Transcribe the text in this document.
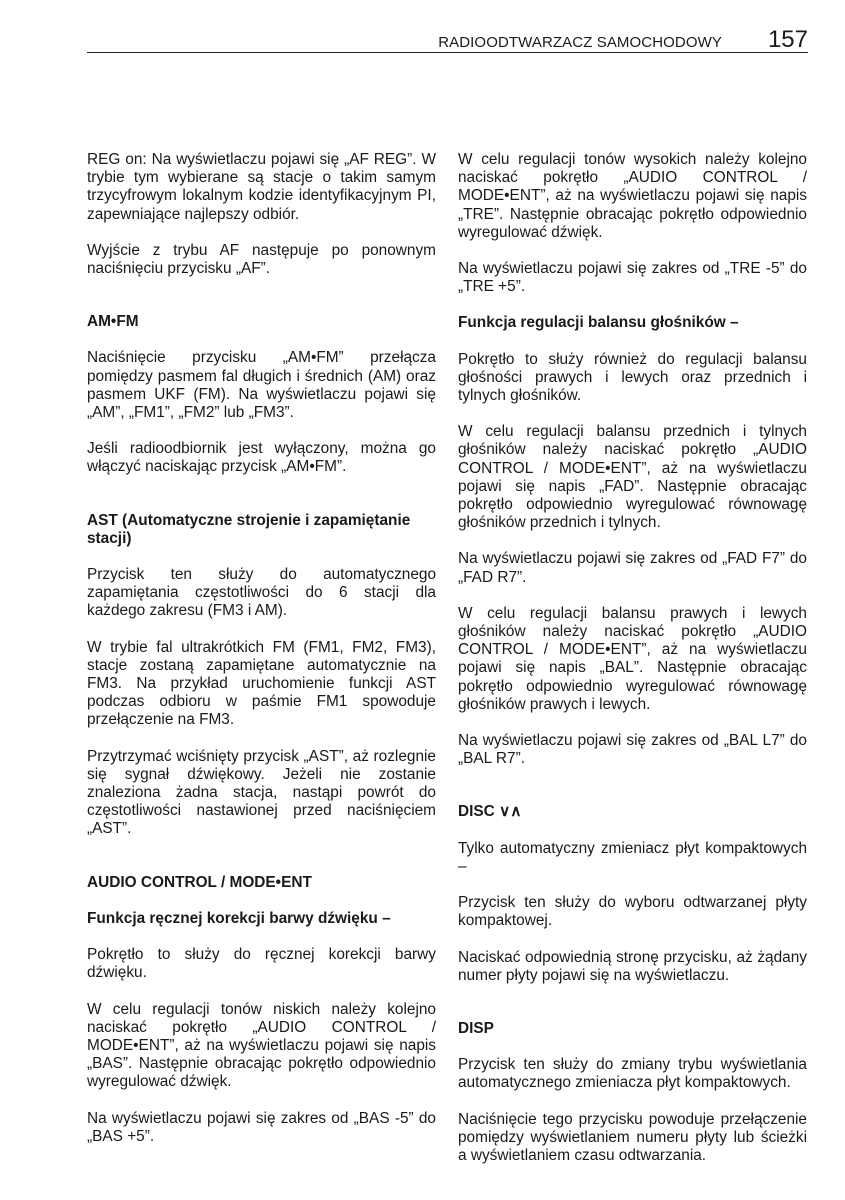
RADIOODTWARZACZ SAMOCHODOWY 157

REG on: Na wyświetlaczu pojawi się „AF REG”. W trybie tym wybierane są stacje o takim samym trzycyfrowym lokalnym kodzie identyfikacyjnym PI, zapewniające najlepszy odbiór.

Wyjście z trybu AF następuje po ponownym naciśnięciu przycisku „AF”.

AM•FM

Naciśnięcie przycisku „AM•FM” przełącza pomiędzy pasmem fal długich i średnich (AM) oraz pasmem UKF (FM). Na wyświetlaczu pojawi się „AM”, „FM1”, „FM2” lub „FM3”.

Jeśli radioodbiornik jest wyłączony, można go włączyć naciskając przycisk „AM•FM”.

AST (Automatyczne strojenie i zapamiętanie stacji)

Przycisk ten służy do automatycznego zapamiętania częstotliwości do 6 stacji dla każdego zakresu (FM3 i AM).

W trybie fal ultrakrótkich FM (FM1, FM2, FM3), stacje zostaną zapamiętane automatycznie na FM3. Na przykład uruchomienie funkcji AST podczas odbioru w paśmie FM1 spowoduje przełączenie na FM3.

Przytrzymać wciśnięty przycisk „AST”, aż rozlegnie się sygnał dźwiękowy. Jeżeli nie zostanie znaleziona żadna stacja, nastąpi powrót do częstotliwości nastawionej przed naciśnięciem „AST”.

AUDIO CONTROL / MODE•ENT
Funkcja ręcznej korekcji barwy dźwięku –

Pokrętło to służy do ręcznej korekcji barwy dźwięku.

W celu regulacji tonów niskich należy kolejno naciskać pokrętło „AUDIO CONTROL / MODE•ENT”, aż na wyświetlaczu pojawi się napis „BAS”. Następnie obracając pokrętło odpowiednio wyregulować dźwięk.

Na wyświetlaczu pojawi się zakres od „BAS -5” do „BAS +5”.

W celu regulacji tonów wysokich należy kolejno naciskać pokrętło „AUDIO CONTROL / MODE•ENT”, aż na wyświetlaczu pojawi się napis „TRE”. Następnie obracając pokrętło odpowiednio wyregulować dźwięk.

Na wyświetlaczu pojawi się zakres od „TRE -5” do „TRE +5”.

Funkcja regulacji balansu głośników –

Pokrętło to służy również do regulacji balansu głośności prawych i lewych oraz przednich i tylnych głośników.

W celu regulacji balansu przednich i tylnych głośników należy naciskać pokrętło „AUDIO CONTROL / MODE•ENT”, aż na wyświetlaczu pojawi się napis „FAD”. Następnie obracając pokrętło odpowiednio wyregulować równowagę głośników przednich i tylnych.

Na wyświetlaczu pojawi się zakres od „FAD F7” do „FAD R7”.

W celu regulacji balansu prawych i lewych głośników należy naciskać pokrętło „AUDIO CONTROL / MODE•ENT”, aż na wyświetlaczu pojawi się napis „BAL”. Następnie obracając pokrętło odpowiednio wyregulować równowagę głośników prawych i lewych.

Na wyświetlaczu pojawi się zakres od „BAL L7” do „BAL R7”.

DISC ∨∧

Tylko automatyczny zmieniacz płyt kompaktowych –

Przycisk ten służy do wyboru odtwarzanej płyty kompaktowej.

Naciskać odpowiednią stronę przycisku, aż żądany numer płyty pojawi się na wyświetlaczu.

DISP

Przycisk ten służy do zmiany trybu wyświetlania automatycznego zmieniacza płyt kompaktowych.

Naciśnięcie tego przycisku powoduje przełączenie pomiędzy wyświetlaniem numeru płyty lub ścieżki a wyświetlaniem czasu odtwarzania.
